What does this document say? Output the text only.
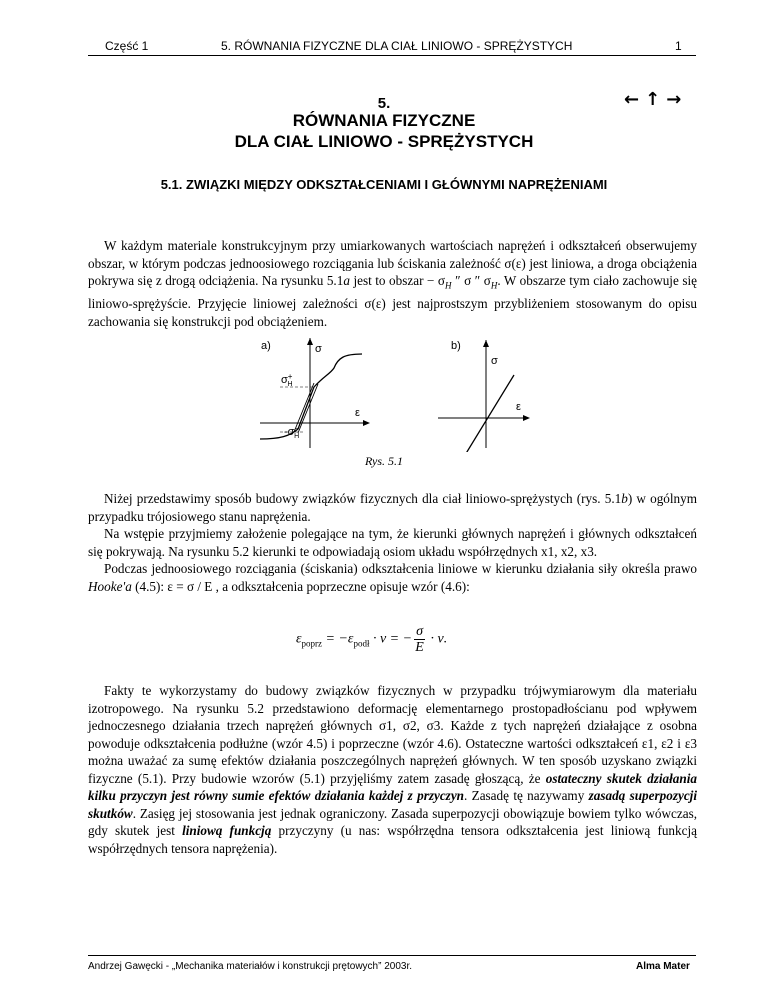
Część 1	5. RÓWNANIA FIZYCZNE DLA CIAŁ LINIOWO - SPRĘŻYSTYCH	1
5.	←↑→
RÓWNANIA FIZYCZNE
DLA CIAŁ LINIOWO - SPRĘŻYSTYCH
5.1. ZWIĄZKI MIĘDZY ODKSZTAŁCENIAMI I GŁÓWNYMI NAPRĘŻENIAMI

W każdym materiale konstrukcyjnym przy umiarkowanych wartościach naprężeń i odkształceń obserwujemy obszar, w którym podczas jednoosiowego rozciągania lub ściskania zależność σ(ε) jest liniowa, a droga obciążenia pokrywa się z drogą odciążenia. Na rysunku 5.1a jest to obszar − $\sigma_H$ ″ σ ″ $\sigma_H$. W obszarze tym ciało zachowuje się liniowo-sprężyście. Przyjęcie liniowej zależności σ(ε) jest najprostszym przybliżeniem stosowanym do opisu zachowania się konstrukcji pod obciążeniem.

a)	σ
ε
σ+ H
-σ− H
b)
σ
ε
Rys. 5.1

Niżej przedstawimy sposób budowy związków fizycznych dla ciał liniowo-sprężystych (rys. 5.1b) w ogólnym przypadku trójosiowego stanu naprężenia.

Na wstępie przyjmiemy założenie polegające na tym, że kierunki głównych naprężeń i głównych odkształceń się pokrywają. Na rysunku 5.2 kierunki te odpowiadają osiom układu współrzędnych x1, x2, x3.

Podczas jednoosiowego rozciągania (ściskania) odkształcenia liniowe w kierunku działania siły określa prawo Hooke'a (4.5): ε = σ / E , a odkształcenia poprzeczne opisuje wzór (4.6):

$\varepsilon_{poprz} = -\varepsilon_{podł} \cdot \nu$ = − $\frac{\sigma}{E} \cdot \nu$.

Fakty te wykorzystamy do budowy związków fizycznych w przypadku trójwymiarowym dla materiału izotropowego. Na rysunku 5.2 przedstawiono deformację elementarnego prostopadłościanu pod wpływem jednoczesnego działania trzech naprężeń głównych σ1, σ2, σ3. Każde z tych naprężeń działające z osobna powoduje odkształcenia podłużne (wzór 4.5) i poprzeczne (wzór 4.6). Ostateczne wartości odkształceń ε1, ε2 i ε3 można uważać za sumę efektów działania poszczególnych naprężeń głównych. W ten sposób uzyskano związki fizyczne (5.1). Przy budowie wzorów (5.1) przyjęliśmy zatem zasadę głoszącą, że ostateczny skutek działania kilku przyczyn jest równy sumie efektów działania każdej z przyczyn. Zasadę tę nazywamy zasadą superpozycji skutków. Zasięg jej stosowania jest jednak ograniczony. Zasada superpozycji obowiązuje bowiem tylko wówczas, gdy skutek jest liniową funkcją przyczyny (u nas: współrzędna tensora odkształcenia jest liniową funkcją współrzędnych tensora naprężenia).

Andrzej Gawęcki - „Mechanika materiałów i konstrukcji prętowych” 2003r.	Alma Mater
